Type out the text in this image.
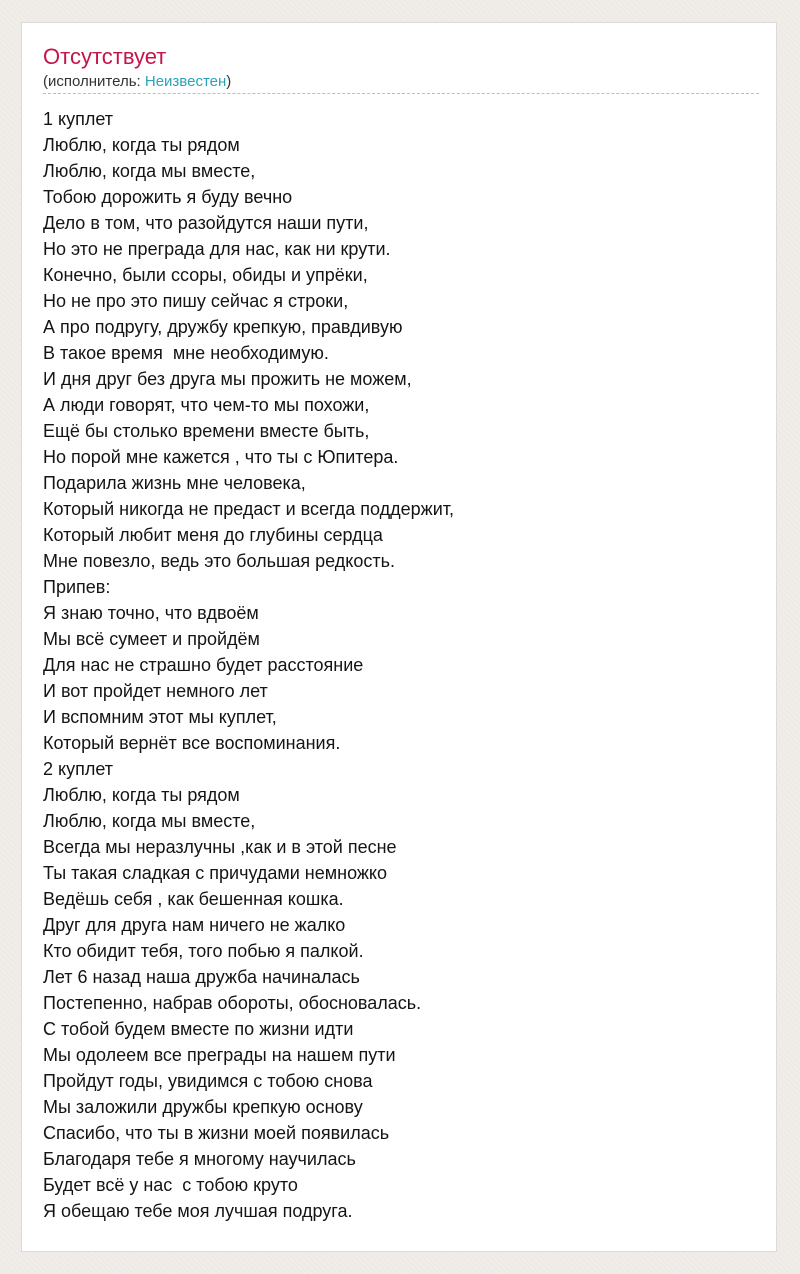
Отсутствует
(исполнитель: Неизвестен)
1 куплет
Люблю, когда ты рядом
Люблю, когда мы вместе,
Тобою дорожить я буду вечно
Дело в том, что разойдутся наши пути,
Но это не преграда для нас, как ни крути.
Конечно, были ссоры, обиды и упрёки,
Но не про это пишу сейчас я строки,
А про подругу, дружбу крепкую, правдивую
В такое время  мне необходимую.
И дня друг без друга мы прожить не можем,
А люди говорят, что чем-то мы похожи,
Ещё бы столько времени вместе быть,
Но порой мне кажется , что ты с Юпитера.
Подарила жизнь мне человека,
Который никогда не предаст и всегда поддержит,
Который любит меня до глубины сердца
Мне повезло, ведь это большая редкость.
Припев:
Я знаю точно, что вдвоём
Мы всё сумеет и пройдём
Для нас не страшно будет расстояние
И вот пройдет немного лет
И вспомним этот мы куплет,
Который вернёт все воспоминания.
2 куплет
Люблю, когда ты рядом
Люблю, когда мы вместе,
Всегда мы неразлучны ,как и в этой песне
Ты такая сладкая с причудами немножко
Ведёшь себя , как бешенная кошка.
Друг для друга нам ничего не жалко
Кто обидит тебя, того побью я палкой.
Лет 6 назад наша дружба начиналась
Постепенно, набрав обороты, обосновалась.
С тобой будем вместе по жизни идти
Мы одолеем все преграды на нашем пути
Пройдут годы, увидимся с тобою снова
Мы заложили дружбы крепкую основу
Спасибо, что ты в жизни моей появилась
Благодаря тебе я многому научилась
Будет всё у нас  с тобою круто
Я обещаю тебе моя лучшая подруга.
